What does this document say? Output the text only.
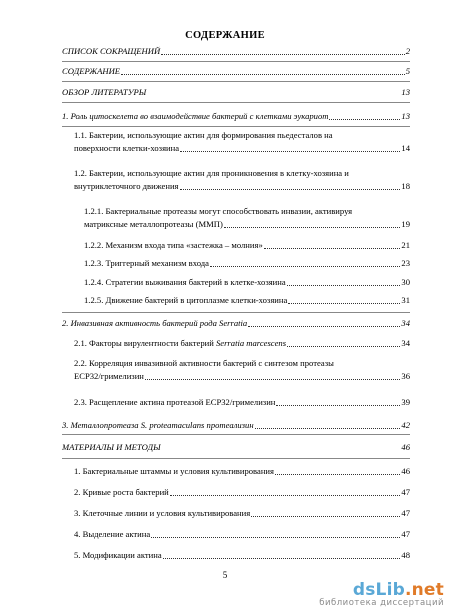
СОДЕРЖАНИЕ
СПИСОК СОКРАЩЕНИЙ	2
СОДЕРЖАНИЕ	5
ОБЗОР ЛИТЕРАТУРЫ	13
1. Роль цитоскелета во взаимодействие бактерий с клетками эукариот	13
1.1. Бактерии, использующие актин для формирования пьедесталов на
поверхности клетки-хозяина	14
1.2. Бактерии, использующие актин для проникновения в клетку-хозяина и
внутриклеточного движения	18
1.2.1. Бактериальные протеазы могут способствовать инвазии, активируя
матриксные металлопротеазы (ММП)	19
1.2.2. Механизм входа типа «застежка – молния»	21
1.2.3. Триггерный механизм входа	23
1.2.4. Стратегии выживания бактерий в клетке-хозяина	30
1.2.5. Движение бактерий в цитоплазме клетки-хозяина	31
2. Инвазивная активность бактерий рода Serratia	34
2.1. Факторы вирулентности бактерий Serratia marcescens	34
2.2. Корреляция инвазивной активности бактерий с синтезом протеазы
ECP32/гримелизин	36
2.3. Расщепление актина протеазой ECP32/гримелизин	39
3. Металлопротеаза S. proteamaculans протеализин	42
МАТЕРИАЛЫ И МЕТОДЫ	46
1. Бактериальные штаммы и условия культивирования	46
2. Кривые роста бактерий	47
3. Клеточные линии и условия культивирования	47
4. Выделение актина	47
5. Модификации актина	48
5
dsLib.net
библиотека диссертаций
